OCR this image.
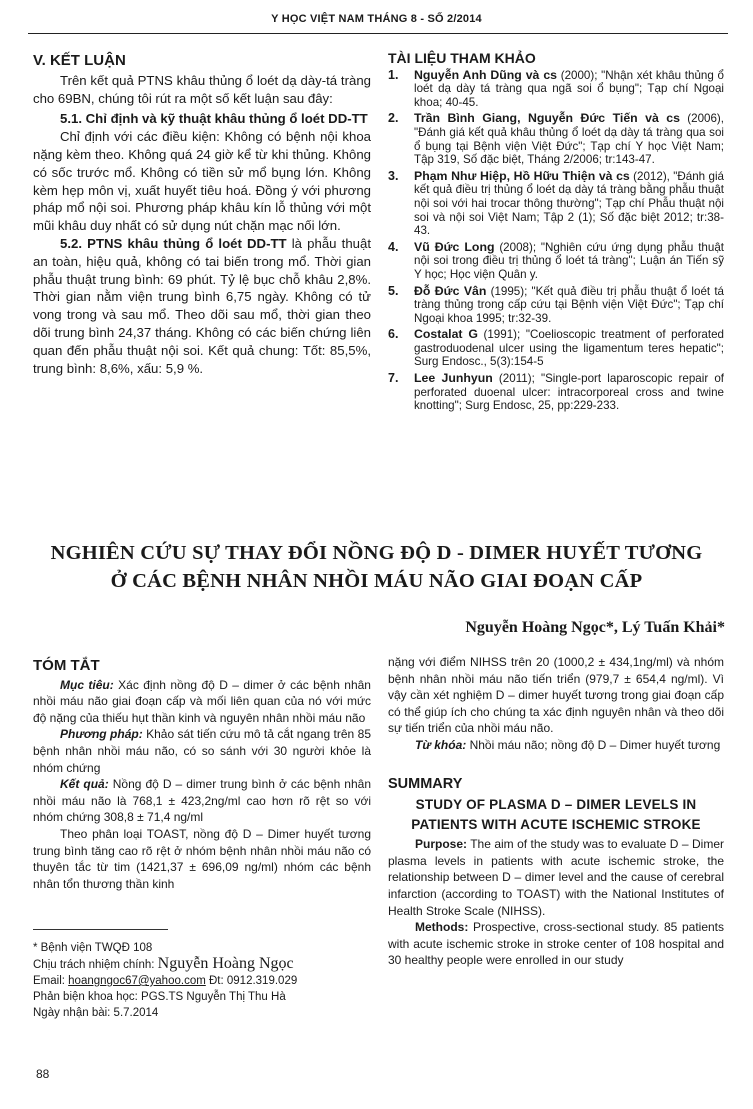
Y HỌC VIỆT NAM THÁNG 8 - SỐ 2/2014
V. KẾT LUẬN

Trên kết quả PTNS khâu thủng ổ loét dạ dày-tá tràng cho 69BN, chúng tôi rút ra một số kết luận sau đây:

5.1. Chỉ định và kỹ thuật khâu thủng ổ loét DD-TT

Chỉ định với các điều kiện: Không có bệnh nội khoa nặng kèm theo. Không quá 24 giờ kể từ khi thủng. Không có sốc trước mổ. Không có tiền sử mổ bụng lớn. Không kèm hẹp môn vị, xuất huyết tiêu hoá. Đồng ý với phương pháp mổ nội soi. Phương pháp khâu kín lỗ thủng với một mũi khâu duy nhất có sử dụng nút chặn mạc nối lớn.

5.2. PTNS khâu thủng ổ loét DD-TT là phẫu thuật an toàn, hiệu quả, không có tai biến trong mổ. Thời gian phẫu thuật trung bình: 69 phút. Tỷ lệ bục chỗ khâu 2,8%. Thời gian nằm viện trung bình 6,75 ngày. Không có tử vong trong và sau mổ. Theo dõi sau mổ, thời gian theo dõi trung bình 24,37 tháng. Không có các biến chứng liên quan đến phẫu thuật nội soi. Kết quả chung: Tốt: 85,5%, trung bình: 8,6%, xấu: 5,9 %.

TÀI LIỆU THAM KHẢO
1. Nguyễn Anh Dũng và cs (2000); "Nhận xét khâu thủng ổ loét dạ dày tá tràng qua ngã soi ổ bụng"; Tạp chí Ngoại khoa; 40-45.
2. Trần Bình Giang, Nguyễn Đức Tiến và cs (2006), "Đánh giá kết quả khâu thủng ổ loét dạ dày tá tràng qua soi ổ bụng tại Bệnh viện Việt Đức"; Tạp chí Y học Việt Nam; Tập 319, Số đặc biệt, Tháng 2/2006; tr:143-47.
3. Phạm Như Hiệp, Hồ Hữu Thiện và cs (2012), "Đánh giá kết quả điều trị thủng ổ loét dạ dày tá tràng bằng phẫu thuật nội soi với hai trocar thông thường"; Tạp chí Phẫu thuật nội soi và nội soi Việt Nam; Tập 2 (1); Số đặc biệt 2012; tr:38-43.
4. Vũ Đức Long (2008); "Nghiên cứu ứng dụng phẫu thuật nội soi trong điều trị thủng ổ loét tá tràng"; Luận án Tiến sỹ Y học; Học viện Quân y.
5. Đỗ Đức Vân (1995); "Kết quả điều trị phẫu thuật ổ loét tá tràng thủng trong cấp cứu tại Bệnh viện Việt Đức"; Tạp chí Ngoại khoa 1995; tr:32-39.
6. Costalat G (1991); "Coelioscopic treatment of perforated gastroduodenal ulcer using the ligamentum teres hepatic"; Surg Endosc., 5(3):154-5
7. Lee Junhyun (2011); "Single-port laparoscopic repair of perforated duoenal ulcer: intracorporeal cross and twine knotting"; Surg Endosc, 25, pp:229-233.
NGHIÊN CỨU SỰ THAY ĐỔI NỒNG ĐỘ D - DIMER HUYẾT TƯƠNG
Ở CÁC BỆNH NHÂN NHỒI MÁU NÃO GIAI ĐOẠN CẤP
Nguyễn Hoàng Ngọc*, Lý Tuấn Khải*
TÓM TẮT

Mục tiêu: Xác định nồng độ D – dimer ở các bệnh nhân nhồi máu não giai đoạn cấp và mối liên quan của nó với mức độ nặng của thiếu hụt thần kinh và nguyên nhân nhồi máu não

Phương pháp: Khảo sát tiến cứu mô tả cắt ngang trên 85 bệnh nhân nhồi máu não, có so sánh với 30 người khỏe là nhóm chứng

Kết quả: Nồng độ D – dimer trung bình ở các bệnh nhân nhồi máu não là 768,1 ± 423,2ng/ml cao hơn rõ rệt so với nhóm chứng 308,8 ± 71,4 ng/ml

Theo phân loại TOAST, nồng độ D – Dimer huyết tương trung bình tăng cao rõ rệt ở nhóm bệnh nhân nhồi máu não có thuyên tắc từ tim (1421,37 ± 696,09 ng/ml) nhóm các bệnh nhân tổn thương thần kinh

* Bệnh viện TWQĐ 108
Chịu trách nhiệm chính: Nguyễn Hoàng Ngọc
Email: hoangngoc67@yahoo.com Đt: 0912.319.029
Phản biện khoa học: PGS.TS Nguyễn Thị Thu Hà
Ngày nhận bài: 5.7.2014

nặng với điểm NIHSS trên 20 (1000,2 ± 434,1ng/ml) và nhóm bệnh nhân nhồi máu não tiến triển (979,7 ± 654,4 ng/ml). Vì vậy cần xét nghiệm D – dimer huyết tương trong giai đoạn cấp có thể giúp ích cho chúng ta xác định nguyên nhân và theo dõi sự tiến triển của nhồi máu não.

Từ khóa: Nhồi máu não; nồng độ D – Dimer huyết tương

SUMMARY
STUDY OF PLASMA D – DIMER LEVELS IN
PATIENTS WITH ACUTE ISCHEMIC STROKE

Purpose: The aim of the study was to evaluate D – Dimer plasma levels in patients with acute ischemic stroke, the relationship between D – dimer level and the cause of cerebral infarction (according to TOAST) with the National Institutes of Health Stroke Scale (NIHSS).

Methods: Prospective, cross-sectional study. 85 patients with acute ischemic stroke in stroke center of 108 hospital and 30 healthy people were enrolled in our study

88
